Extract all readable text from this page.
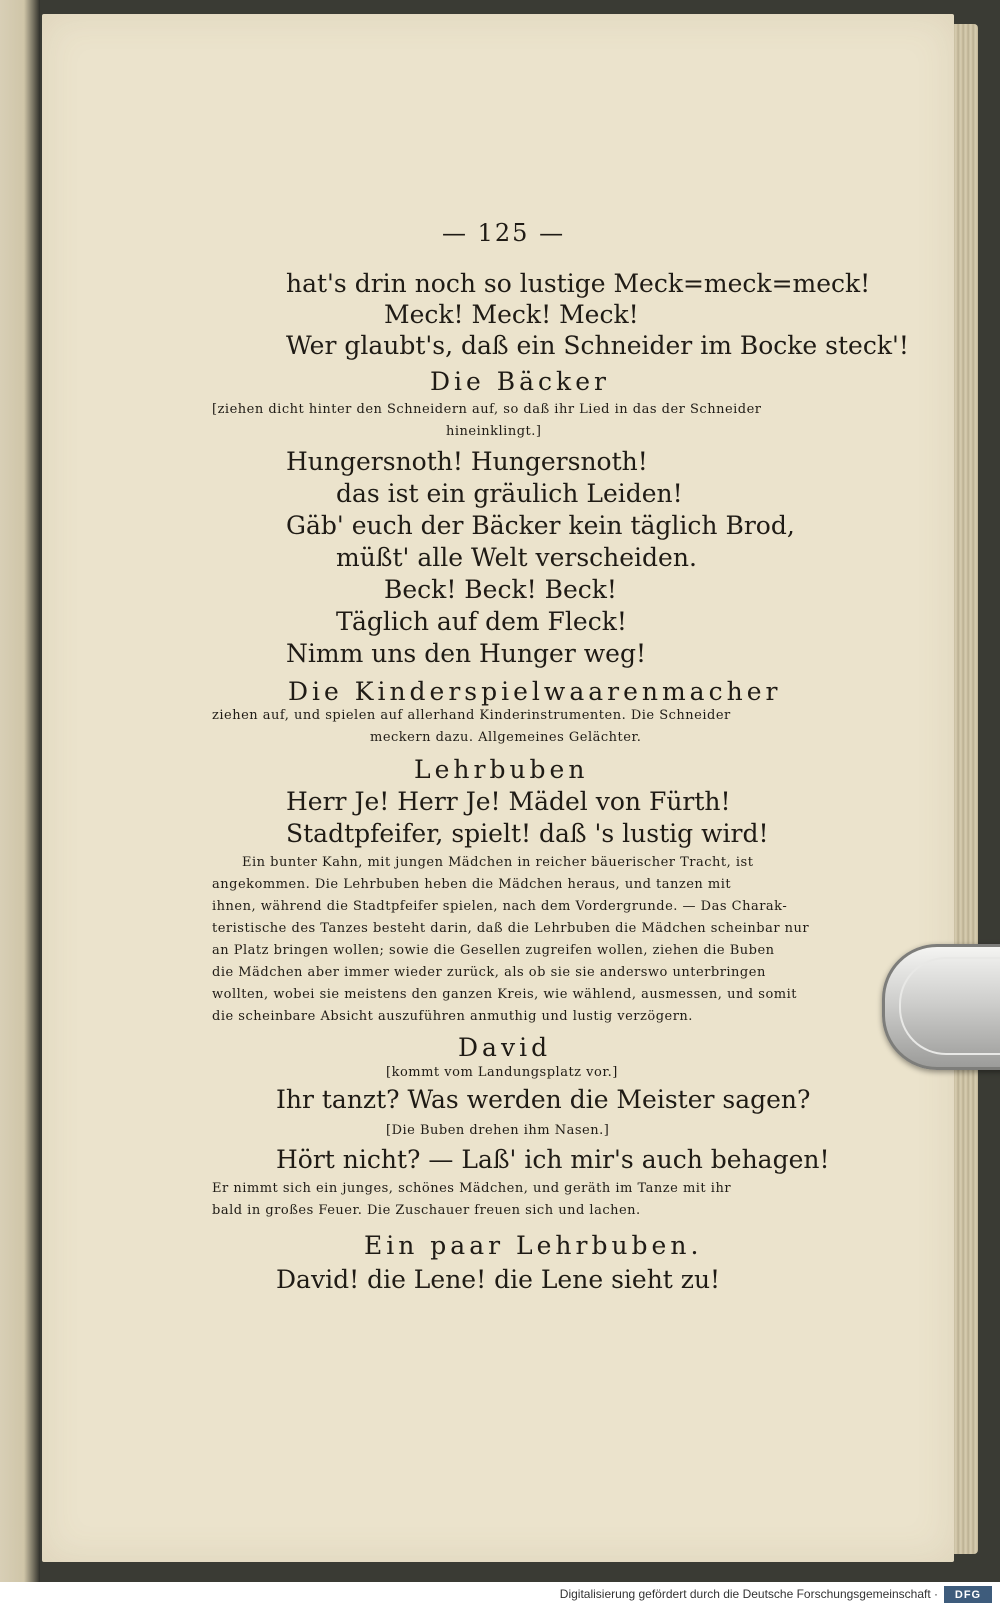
— 125 —
hat's drin noch so lustige Meck=meck=meck!
Meck! Meck! Meck!
Wer glaubt's, daß ein Schneider im Bocke steck'!
Die Bäcker
[ziehen dicht hinter den Schneidern auf, so daß ihr Lied in das der Schneider
hineinklingt.]
Hungersnoth! Hungersnoth!
das ist ein gräulich Leiden!
Gäb' euch der Bäcker kein täglich Brod,
müßt' alle Welt verscheiden.
Beck! Beck! Beck!
Täglich auf dem Fleck!
Nimm uns den Hunger weg!
Die Kinderspielwaarenmacher
ziehen auf, und spielen auf allerhand Kinderinstrumenten. Die Schneider
meckern dazu. Allgemeines Gelächter.
Lehrbuben
Herr Je! Herr Je! Mädel von Fürth!
Stadtpfeifer, spielt! daß 's lustig wird!
Ein bunter Kahn, mit jungen Mädchen in reicher bäuerischer Tracht, ist
angekommen. Die Lehrbuben heben die Mädchen heraus, und tanzen mit
ihnen, während die Stadtpfeifer spielen, nach dem Vordergrunde. — Das Charak-
teristische des Tanzes besteht darin, daß die Lehrbuben die Mädchen scheinbar nur
an Platz bringen wollen; sowie die Gesellen zugreifen wollen, ziehen die Buben
die Mädchen aber immer wieder zurück, als ob sie sie anderswo unterbringen
wollten, wobei sie meistens den ganzen Kreis, wie wählend, ausmessen, und somit
die scheinbare Absicht auszuführen anmuthig und lustig verzögern.
David
[kommt vom Landungsplatz vor.]
Ihr tanzt? Was werden die Meister sagen?
[Die Buben drehen ihm Nasen.]
Hört nicht? — Laß' ich mir's auch behagen!
Er nimmt sich ein junges, schönes Mädchen, und geräth im Tanze mit ihr
bald in großes Feuer. Die Zuschauer freuen sich und lachen.
Ein paar Lehrbuben.
David! die Lene! die Lene sieht zu!
Digitalisierung gefördert durch die Deutsche Forschungsgemeinschaft ·	DFG
